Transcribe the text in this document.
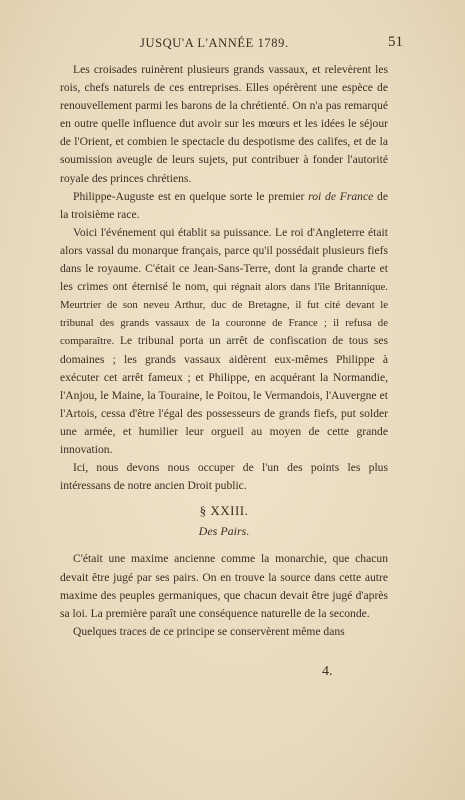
JUSQU'A L'ANNÉE 1789.	51

Les croisades ruinèrent plusieurs grands vassaux, et relevèrent les rois, chefs naturels de ces entreprises. Elles opérèrent une espèce de renouvellement parmi les barons de la chrétienté. On n'a pas remarqué en outre quelle influence dut avoir sur les mœurs et les idées le séjour de l'Orient, et combien le spectacle du despotisme des califes, et de la soumission aveugle de leurs sujets, put contribuer à fonder l'autorité royale des princes chrétiens.

Philippe-Auguste est en quelque sorte le premier roi de France de la troisième race.

Voici l'événement qui établit sa puissance. Le roi d'Angleterre était alors vassal du monarque français, parce qu'il possédait plusieurs fiefs dans le royaume. C'était ce Jean-Sans-Terre, dont la grande charte et les crimes ont éternisé le nom, qui régnait alors dans l'île Britannique. Meurtrier de son neveu Arthur, duc de Bretagne, il fut cité devant le tribunal des grands vassaux de la couronne de France ; il refusa de comparaître. Le tribunal porta un arrêt de confiscation de tous ses domaines ; les grands vassaux aidèrent eux-mêmes Philippe à exécuter cet arrêt fameux ; et Philippe, en acquérant la Normandie, l'Anjou, le Maine, la Touraine, le Poitou, le Vermandois, l'Auvergne et l'Artois, cessa d'être l'égal des possesseurs de grands fiefs, put solder une armée, et humilier leur orgueil au moyen de cette grande innovation.

Ici, nous devons nous occuper de l'un des points les plus intéressans de notre ancien Droit public.

§ XXIII.
Des Pairs.

C'était une maxime ancienne comme la monarchie, que chacun devait être jugé par ses pairs. On en trouve la source dans cette autre maxime des peuples germaniques, que chacun devait être jugé d'après sa loi. La première paraît une conséquence naturelle de la seconde.

Quelques traces de ce principe se conservèrent même dans

4.
